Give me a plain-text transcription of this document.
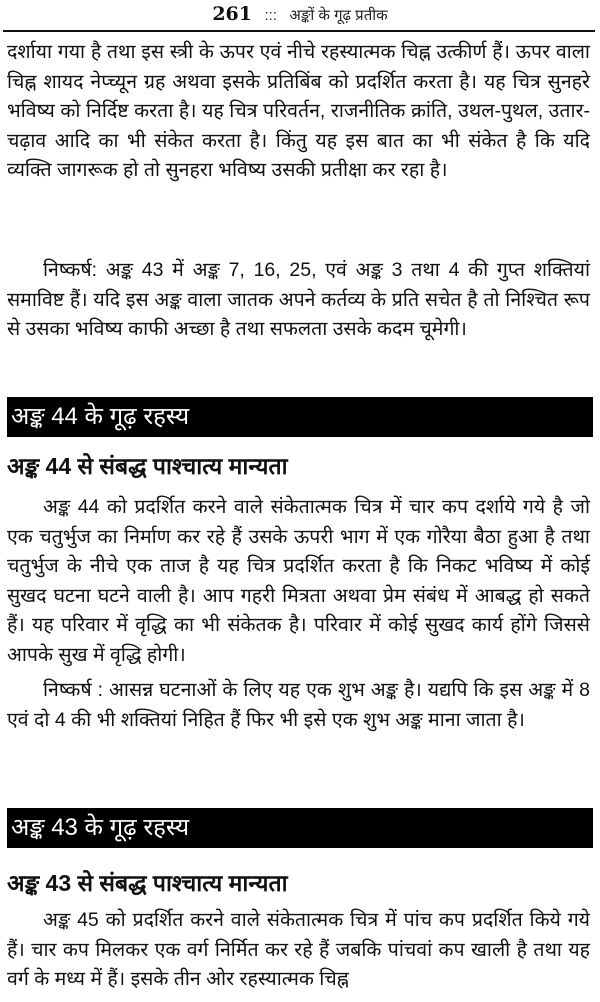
261 ::: अङ्कों के गूढ़ प्रतीक

दर्शाया गया है तथा इस स्त्री के ऊपर एवं नीचे रहस्यात्मक चिह्न उत्कीर्ण हैं। ऊपर वाला चिह्न शायद नेप्च्यून ग्रह अथवा इसके प्रतिबिंब को प्रदर्शित करता है। यह चित्र सुनहरे भविष्य को निर्दिष्ट करता है। यह चित्र परिवर्तन, राजनीतिक क्रांति, उथल-पुथल, उतार-चढ़ाव आदि का भी संकेत करता है। किंतु यह इस बात का भी संकेत है कि यदि व्यक्ति जागरूक हो तो सुनहरा भविष्य उसकी प्रतीक्षा कर रहा है।

निष्कर्ष: अङ्क 43 में अङ्क 7, 16, 25, एवं अङ्क 3 तथा 4 की गुप्त शक्तियां समाविष्ट हैं। यदि इस अङ्क वाला जातक अपने कर्तव्य के प्रति सचेत है तो निश्चित रूप से उसका भविष्य काफी अच्छा है तथा सफलता उसके कदम चूमेगी।

अङ्क 44 के गूढ़ रहस्य
अङ्क 44 से संबद्ध पाश्चात्य मान्यता

अङ्क 44 को प्रदर्शित करने वाले संकेतात्मक चित्र में चार कप दर्शाये गये है जो एक चतुर्भुज का निर्माण कर रहे हैं उसके ऊपरी भाग में एक गोरैया बैठा हुआ है तथा चतुर्भुज के नीचे एक ताज है यह चित्र प्रदर्शित करता है कि निकट भविष्य में कोई सुखद घटना घटने वाली है। आप गहरी मित्रता अथवा प्रेम संबंध में आबद्ध हो सकते हैं। यह परिवार में वृद्धि का भी संकेतक है। परिवार में कोई सुखद कार्य होंगे जिससे आपके सुख में वृद्धि होगी।

निष्कर्ष : आसन्न घटनाओं के लिए यह एक शुभ अङ्क है। यद्यपि कि इस अङ्क में 8 एवं दो 4 की भी शक्तियां निहित हैं फिर भी इसे एक शुभ अङ्क माना जाता है।

अङ्क 43 के गूढ़ रहस्य
अङ्क 43 से संबद्ध पाश्चात्य मान्यता

अङ्क 45 को प्रदर्शित करने वाले संकेतात्मक चित्र में पांच कप प्रदर्शित किये गये हैं। चार कप मिलकर एक वर्ग निर्मित कर रहे हैं जबकि पांचवां कप खाली है तथा यह वर्ग के मध्य में हैं। इसके तीन ओर रहस्यात्मक चिह्न
